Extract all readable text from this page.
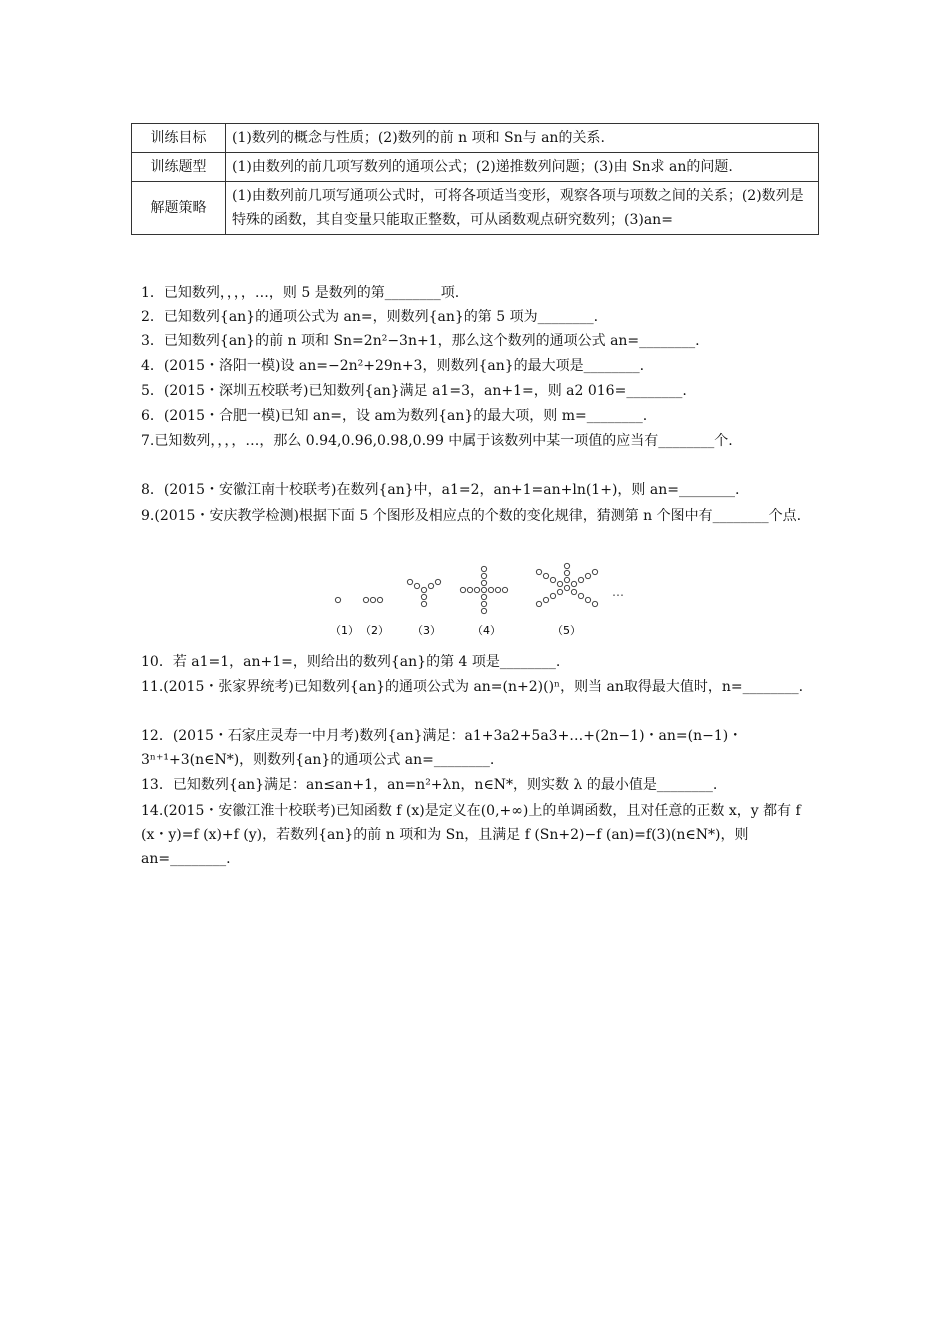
训练目标	(1)数列的概念与性质；(2)数列的前 n 项和 Sn与 an的关系.
训练题型	(1)由数列的前几项写数列的通项公式；(2)递推数列问题；(3)由 Sn求 an的问题.
解题策略	(1)由数列前几项写通项公式时，可将各项适当变形，观察各项与项数之间的关系；(2)数列是特殊的函数，其自变量只能取正整数，可从函数观点研究数列；(3)an=
1．已知数列，，，，…，则 5 是数列的第________项.
2．已知数列{an}的通项公式为 an=，则数列{an}的第 5 项为________.
3．已知数列{an}的前 n 项和 Sn=2n²−3n+1，那么这个数列的通项公式 an=________.
4．(2015・洛阳一模)设 an=−2n²+29n+3，则数列{an}的最大项是________.
5．(2015・深圳五校联考)已知数列{an}满足 a1=3，an+1=，则 a2 016=________.
6．(2015・合肥一模)已知 an=，设 am为数列{an}的最大项，则 m=________.
7.已知数列，，，，…，那么 0.94,0.96,0.98,0.99 中属于该数列中某一项值的应当有________个.
8．(2015・安徽江南十校联考)在数列{an}中，a1=2，an+1=an+ln(1+)，则 an=________.
9.(2015・安庆教学检测)根据下面 5 个图形及相应点的个数的变化规律，猜测第 n 个图中有________个点.
…
（1） （2） （3）	（4）	（5）
10．若 a1=1，an+1=，则给出的数列{an}的第 4 项是________.
11.(2015・张家界统考)已知数列{an}的通项公式为 an=(n+2)()ⁿ，则当 an取得最大值时，n=________.
12．(2015・石家庄灵寿一中月考)数列{an}满足：a1+3a2+5a3+…+(2n−1)・an=(n−1)・3ⁿ⁺¹+3(n∈N*)，则数列{an}的通项公式 an=________.
13．已知数列{an}满足：an≤an+1，an=n²+λn，n∈N*，则实数 λ 的最小值是________.
14.(2015・安徽江淮十校联考)已知函数 f (x)是定义在(0,+∞)上的单调函数，且对任意的正数 x，y 都有 f (x・y)=f (x)+f (y)，若数列{an}的前 n 项和为 Sn，且满足 f (Sn+2)−f (an)=f(3)(n∈N*)，则 an=________.
